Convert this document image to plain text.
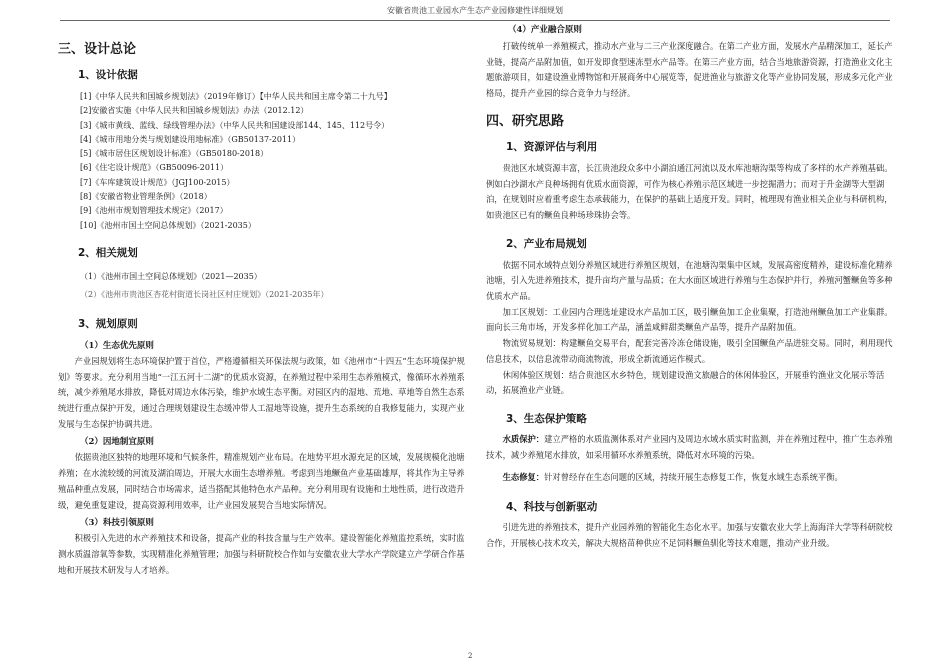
安徽省贵池工业园水产生态产业园修建性详细规划
三、设计总论
1、设计依据
[1]《中华人民共和国城乡规划法》（2019年修订）【中华人民共和国主席令第二十九号】
[2]安徽省实施《中华人民共和国城乡规划法》办法（2012.12）
[3]《城市黄线、蓝线、绿线管理办法》（中华人民共和国建设部144、145、112号令）
[4]《城市用地分类与规划建设用地标准》（GB50137-2011）
[5]《城市居住区规划设计标准》（GB50180-2018）
[6]《住宅设计规范》（GB50096-2011）
[7]《车库建筑设计规范》（JGJ100-2015）
[8]《安徽省物业管理条例》（2018）
[9]《池州市规划管理技术规定》（2017）
[10]《池州市国土空间总体规划》（2021-2035）
2、相关规划
（1）《池州市国土空间总体规划》（2021—2035）
（2）《池州市贵池区杏花村街道长岗社区村庄规划》（2021-2035年）
3、规划原则
（1）生态优先原则

产业园规划将生态环境保护置于首位，严格遵循相关环保法规与政策，如《池州市“十四五”生态环境保护规划》等要求。充分利用当地“一江五河十二湖”的优质水资源，在养殖过程中采用生态养殖模式，像循环水养殖系统，减少养殖尾水排放，降低对周边水体污染，维护水域生态平衡。对园区内的湿地、荒地、草地等自然生态系统进行重点保护开发，通过合理规划建设生态缓冲带人工湿地等设施，提升生态系统的自我修复能力，实现产业发展与生态保护协调共进。

（2）因地制宜原则

依据贵池区独特的地理环境和气候条件，精准规划产业布局。在地势平坦水源充足的区域，发展规模化池塘养殖；在水流较缓的河流及湖泊周边，开展大水面生态增养殖。考虑到当地鳜鱼产业基础雄厚，将其作为主导养殖品种重点发展，同时结合市场需求，适当搭配其他特色水产品种。充分利用现有设施和土地性质，进行改造升级，避免重复建设，提高资源利用效率，让产业园发展契合当地实际情况。

（3）科技引领原则

积极引入先进的水产养殖技术和设备，提高产业的科技含量与生产效率。建设智能化养殖监控系统，实时监测水质温溶氧等参数，实现精准化养殖管理；加强与科研院校合作如与安徽农业大学水产学院建立产学研合作基地和开展技术研发与人才培养。

（4）产业融合原则

打破传统单一养殖模式，推动水产业与二三产业深度融合。在第二产业方面，发展水产品精深加工，延长产业链，提高产品附加值，如开发即食型速冻型水产品等。在第三产业方面，结合当地旅游资源，打造渔业文化主题旅游项目，如建设渔业博物馆和开展商务中心展览等，促进渔业与旅游文化等产业协同发展，形成多元化产业格局，提升产业园的综合竞争力与经济。

四、研究思路
1、资源评估与利用

贵池区水域资源丰富，长江贵池段众多中小湖泊通江河流以及水库池塘沟渠等构成了多样的水产养殖基础。例如白沙湖水产良种场拥有优质水面资源，可作为核心养殖示范区域进一步挖掘潜力；而对于升金湖等大型湖泊，在规划时应着重考虑生态承载能力，在保护的基础上适度开发。同时，梳理现有渔业相关企业与科研机构，如贵池区已有的鳜鱼良种场珍珠协会等。

2、产业布局规划

依据不同水域特点划分养殖区域进行养殖区规划，在池塘沟渠集中区域，发展高密度精养，建设标准化精养池塘，引入先进养殖技术，提升亩均产量与品质；在大水面区域进行养殖与生态保护并行，养殖河蟹鳜鱼等多种优质水产品。

加工区规划：工业园内合理选址建设水产品加工区，吸引鳜鱼加工企业集聚，打造池州鳜鱼加工产业集群。面向长三角市场，开发多样化加工产品，涵盖咸鲜甜类鳜鱼产品等，提升产品附加值。

物流贸易规划：构建鳜鱼交易平台，配套完善冷冻仓储设施，吸引全国鳜鱼产品进驻交易。同时，利用现代信息技术，以信息流带动商流物流，形成全新流通运作模式。

休闲体验区规划：结合贵池区水乡特色，规划建设渔文旅融合的休闲体验区，开展垂钓渔业文化展示等活动，拓展渔业产业链。

3、生态保护策略

水质保护：建立严格的水质监测体系对产业园内及周边水域水质实时监测，并在养殖过程中，推广生态养殖技术，减少养殖尾水排放，如采用循环水养殖系统，降低对水环境的污染。

生态修复：针对曾经存在生态问题的区域，持续开展生态修复工作，恢复水域生态系统平衡。

4、科技与创新驱动

引进先进的养殖技术，提升产业园养殖的智能化生态化水平。加强与安徽农业大学上海海洋大学等科研院校合作，开展核心技术攻关，解决大规格苗种供应不足饲料鳜鱼驯化等技术难题，推动产业升级。

2
